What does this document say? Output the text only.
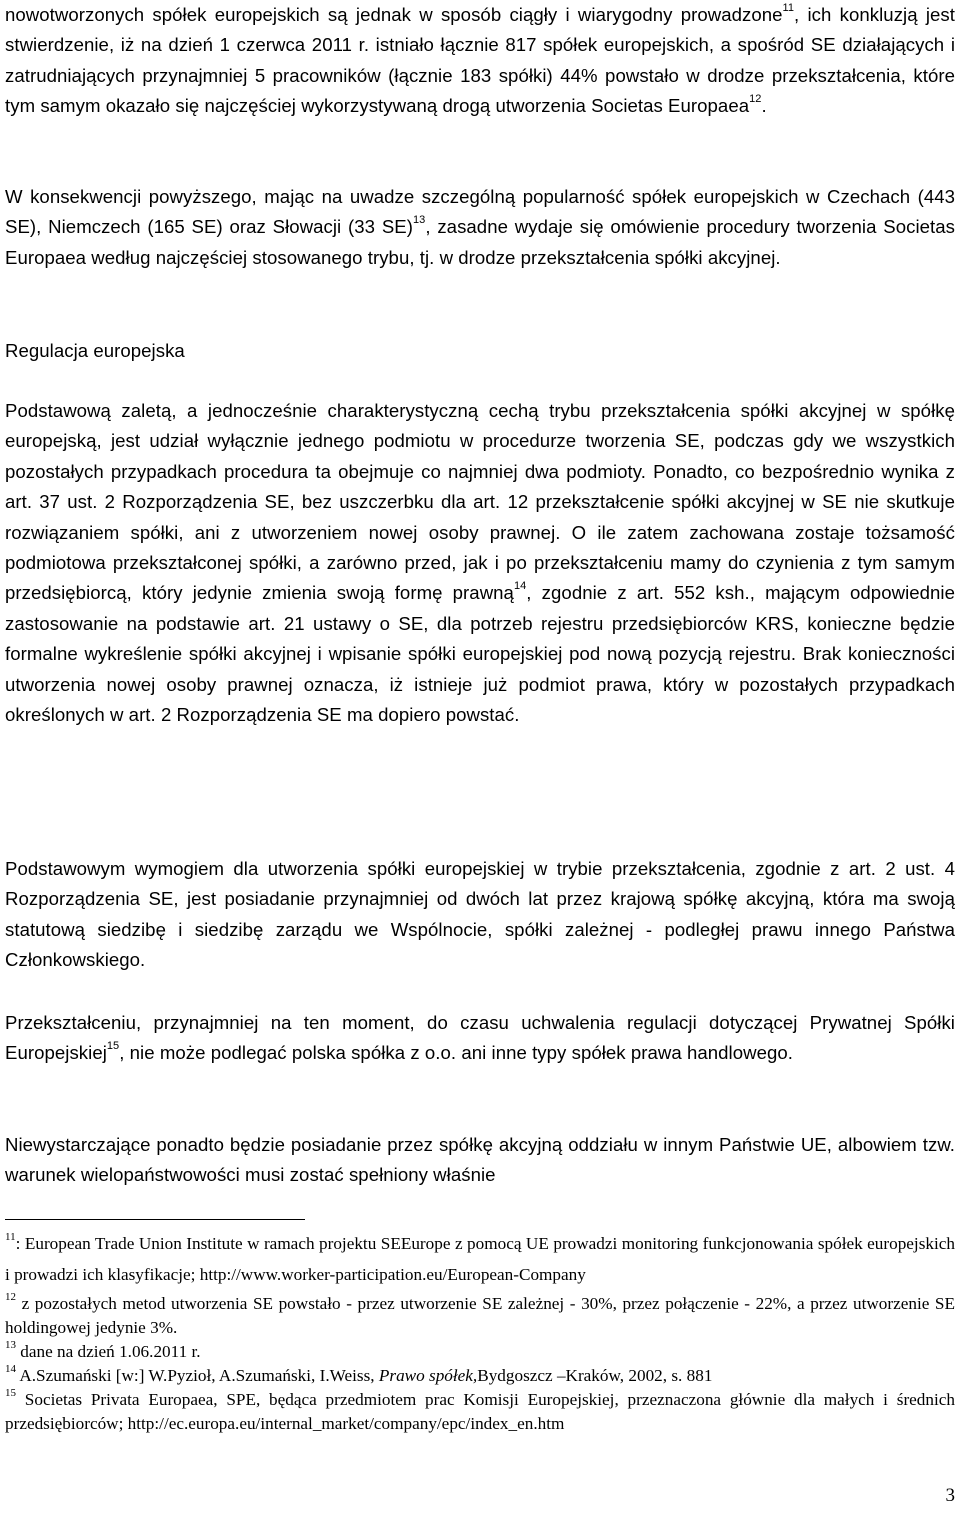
nowotworzonych spółek europejskich są jednak w sposób ciągły i wiarygodny prowadzone$^{11}$, ich konkluzją jest stwierdzenie, iż na dzień 1 czerwca 2011 r. istniało łącznie 817 spółek europejskich, a spośród SE działających i zatrudniających przynajmniej 5 pracowników (łącznie 183 spółki) 44% powstało w drodze przekształcenia, które tym samym okazało się najczęściej wykorzystywaną drogą utworzenia Societas Europaea$^{12}$.

W konsekwencji powyższego, mając na uwadze szczególną popularność spółek europejskich w Czechach (443 SE), Niemczech (165 SE) oraz Słowacji (33 SE)$^{13}$, zasadne wydaje się omówienie procedury tworzenia Societas Europaea według najczęściej stosowanego trybu, tj. w drodze przekształcenia spółki akcyjnej.

Regulacja europejska

Podstawową zaletą, a jednocześnie charakterystyczną cechą trybu przekształcenia spółki akcyjnej w spółkę europejską, jest udział wyłącznie jednego podmiotu w procedurze tworzenia SE, podczas gdy we wszystkich pozostałych przypadkach procedura ta obejmuje co najmniej dwa podmioty. Ponadto, co bezpośrednio wynika z art. 37 ust. 2 Rozporządzenia SE, bez uszczerbku dla art. 12 przekształcenie spółki akcyjnej w SE nie skutkuje rozwiązaniem spółki, ani z utworzeniem nowej osoby prawnej. O ile zatem zachowana zostaje tożsamość podmiotowa przekształconej spółki, a zarówno przed, jak i po przekształceniu mamy do czynienia z tym samym przedsiębiorcą, który jedynie zmienia swoją formę prawną$^{14}$, zgodnie z art. 552 ksh., mającym odpowiednie zastosowanie na podstawie art. 21 ustawy o SE, dla potrzeb rejestru przedsiębiorców KRS, konieczne będzie formalne wykreślenie spółki akcyjnej i wpisanie spółki europejskiej pod nową pozycją rejestru. Brak konieczności utworzenia nowej osoby prawnej oznacza, iż istnieje już podmiot prawa, który w pozostałych przypadkach określonych w art. 2 Rozporządzenia SE ma dopiero powstać.

Podstawowym wymogiem dla utworzenia spółki europejskiej w trybie przekształcenia, zgodnie z art. 2 ust. 4 Rozporządzenia SE, jest posiadanie przynajmniej od dwóch lat przez krajową spółkę akcyjną, która ma swoją statutową siedzibę i siedzibę zarządu we Wspólnocie, spółki zależnej - podległej prawu innego Państwa Członkowskiego.

Przekształceniu, przynajmniej na ten moment, do czasu uchwalenia regulacji dotyczącej Prywatnej Spółki Europejskiej$^{15}$, nie może podlegać polska spółka z o.o. ani inne typy spółek prawa handlowego.

Niewystarczające ponadto będzie posiadanie przez spółkę akcyjną oddziału w innym Państwie UE, albowiem tzw. warunek wielopaństwowości musi zostać spełniony właśnie

$^{11}$: European Trade Union Institute w ramach projektu SEEurope z pomocą UE prowadzi monitoring funkcjonowania spółek europejskich i prowadzi ich klasyfikacje; http://www.worker-participation.eu/European-Company

$^{12}$ z pozostałych metod utworzenia SE powstało - przez utworzenie SE zależnej - 30%, przez połączenie - 22%, a przez utworzenie SE holdingowej jedynie 3%.

$^{13}$ dane na dzień 1.06.2011 r.

$^{14}$ A.Szumański [w:] W.Pyzioł, A.Szumański, I.Weiss, Prawo spółek,Bydgoszcz –Kraków, 2002, s. 881

$^{15}$ Societas Privata Europaea, SPE, będąca przedmiotem prac Komisji Europejskiej, przeznaczona głównie dla małych i średnich przedsiębiorców; http://ec.europa.eu/internal_market/company/epc/index_en.htm

3
